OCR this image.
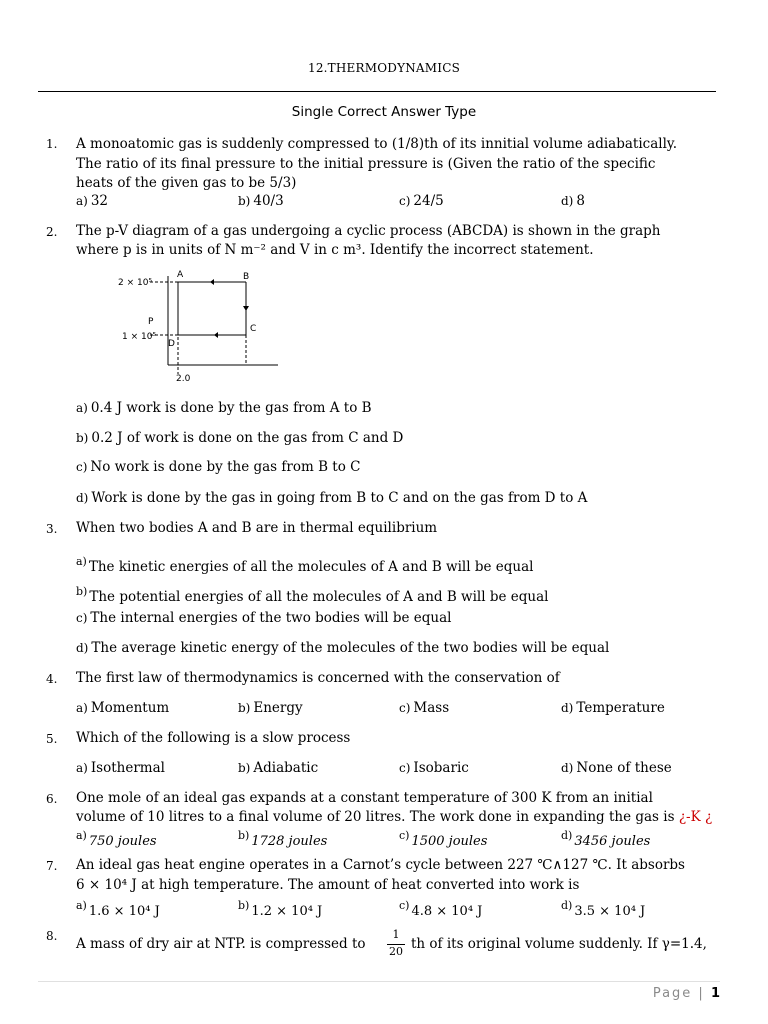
12.THERMODYNAMICS
Single Correct Answer Type
1. A monoatomic gas is suddenly compressed to (1/8)th of its innitial volume adiabatically.
The ratio of its final pressure to the initial pressure is (Given the ratio of the specific
heats of the given gas to be 5/3)
a) 32	b) 40/3	c) 24/5	d) 8
2. The p-V diagram of a gas undergoing a cyclic process (ABCDA) is shown in the graph
where p is in units of N m⁻² and V in c m³. Identify the incorrect statement.
2 × 10⁵
1 × 10⁵
P
2.0
A	B
C
D
a) 0.4 J work is done by the gas from A to B
b) 0.2 J of work is done on the gas from C and D
c) No work is done by the gas from B to C
d) Work is done by the gas in going from B to C and on the gas from D to A
3. When two bodies A and B are in thermal equilibrium
$^{a)}$ The kinetic energies of all the molecules of A and B will be equal
$^{b)}$ The potential energies of all the molecules of A and B will be equal
c) The internal energies of the two bodies will be equal
d) The average kinetic energy of the molecules of the two bodies will be equal
4. The first law of thermodynamics is concerned with the conservation of
a) Momentum	b) Energy	c) Mass	d) Temperature
5. Which of the following is a slow process
a) Isothermal	b) Adiabatic	c) Isobaric	d) None of these
6. One mole of an ideal gas expands at a constant temperature of 300 K from an initial
volume of 10 litres to a final volume of 20 litres. The work done in expanding the gas is ¿-K ¿
$^{a)}$ 750 joules	$^{b)}$ 1728 joules	$^{c)}$ 1500 joules	$^{d)}$ 3456 joules
7. An ideal gas heat engine operates in a Carnot’s cycle between 227 ℃∧127 ℃. It absorbs
6 × 10⁴ J at high temperature. The amount of heat converted into work is
$^{a)}$ 1.6 × 10⁴ J	$^{b)}$ 1.2 × 10⁴ J	$^{c)}$ 4.8 × 10⁴ J	$^{d)}$ 3.5 × 10⁴ J
8. A mass of dry air at NTP. is compressed to
1
20 th of its original volume suddenly. If γ=1.4,
Page | 1
